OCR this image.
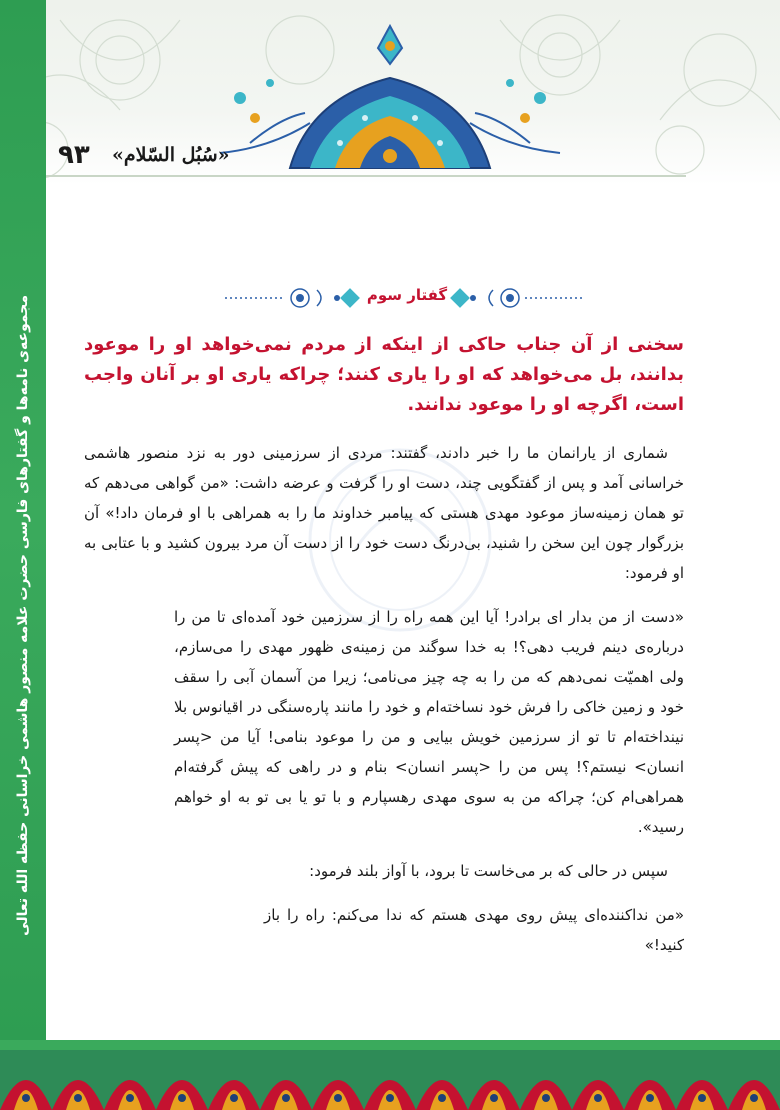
مجموعه‌ی نامه‌ها و گفتارهای فارسی حضرت علامه منصور هاشمی خراسانی حفظه الله تعالی
۹۳ «سُبُل السّلام»
گفتار سوم

سخنی از آن جناب حاکی از اینکه از مردم نمی‌خواهد او را موعود بدانند، بل می‌خواهد که او را یاری کنند؛ چراکه یاری او بر آنان واجب است، اگرچه او را موعود ندانند.

شماری از یارانمان ما را خبر دادند، گفتند: مردی از سرزمینی دور به نزد منصور هاشمی خراسانی آمد و پس از گفتگویی چند، دست او را گرفت و عرضه داشت: «من گواهی می‌دهم که تو همان زمینه‌ساز موعود مهدی هستی که پیامبر خداوند ما را به همراهی با او فرمان داد!» آن بزرگوار چون این سخن را شنید، بی‌درنگ دست خود را از دست آن مرد بیرون کشید و با عتابی به او فرمود:

«دست از من بدار ای برادر! آیا این همه راه را از سرزمین خود آمده‌ای تا من را درباره‌ی دینم فریب دهی؟! به خدا سوگند من زمینه‌ی ظهور مهدی را می‌سازم، ولی اهمیّت نمی‌دهم که من را به چه چیز می‌نامی؛ زیرا من آسمان آبی را سقف خود و زمین خاکی را فرش خود نساخته‌ام و خود را مانند پاره‌سنگی در اقیانوس بلا نینداخته‌ام تا تو از سرزمین خویش بیایی و من را موعود بنامی! آیا من <پسر انسان> نیستم؟! پس من را <پسر انسان> بنام و در راهی که پیش گرفته‌ام همراهی‌ام کن؛ چراکه من به سوی مهدی رهسپارم و با تو یا بی تو به او خواهم رسید».

سپس در حالی که بر می‌خاست تا برود، با آواز بلند فرمود:

«من نداکننده‌ای پیش روی مهدی هستم که ندا می‌کنم: راه را باز کنید!»
